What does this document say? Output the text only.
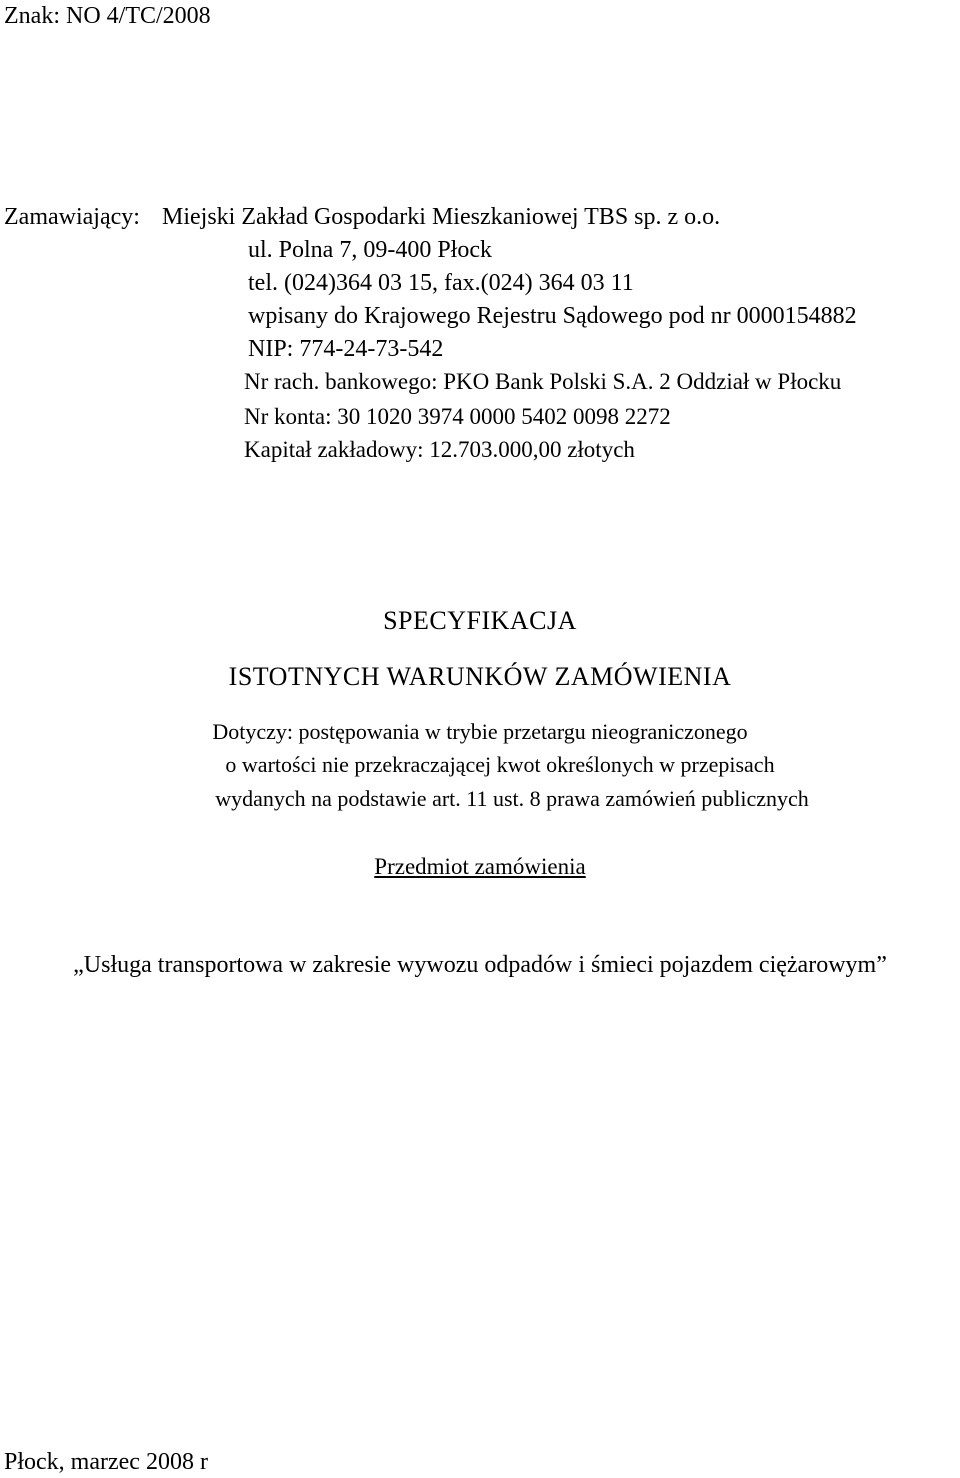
Znak: NO 4/TC/2008
Zamawiający: Miejski Zakład Gospodarki Mieszkaniowej TBS sp. z o.o.
ul. Polna 7, 09-400 Płock
tel. (024)364 03 15, fax.(024) 364 03 11
wpisany do Krajowego Rejestru Sądowego pod nr 0000154882
NIP: 774-24-73-542
Nr rach. bankowego: PKO Bank Polski S.A. 2 Oddział w Płocku
Nr konta: 30 1020 3974 0000 5402 0098 2272
Kapitał zakładowy: 12.703.000,00 złotych
SPECYFIKACJA
ISTOTNYCH WARUNKÓW ZAMÓWIENIA
Dotyczy: postępowania w trybie przetargu nieograniczonego
o wartości nie przekraczającej kwot określonych w przepisach
wydanych na podstawie art. 11 ust. 8 prawa zamówień publicznych
Przedmiot zamówienia
„Usługa transportowa w zakresie wywozu odpadów i śmieci pojazdem ciężarowym”
Płock, marzec 2008 r
